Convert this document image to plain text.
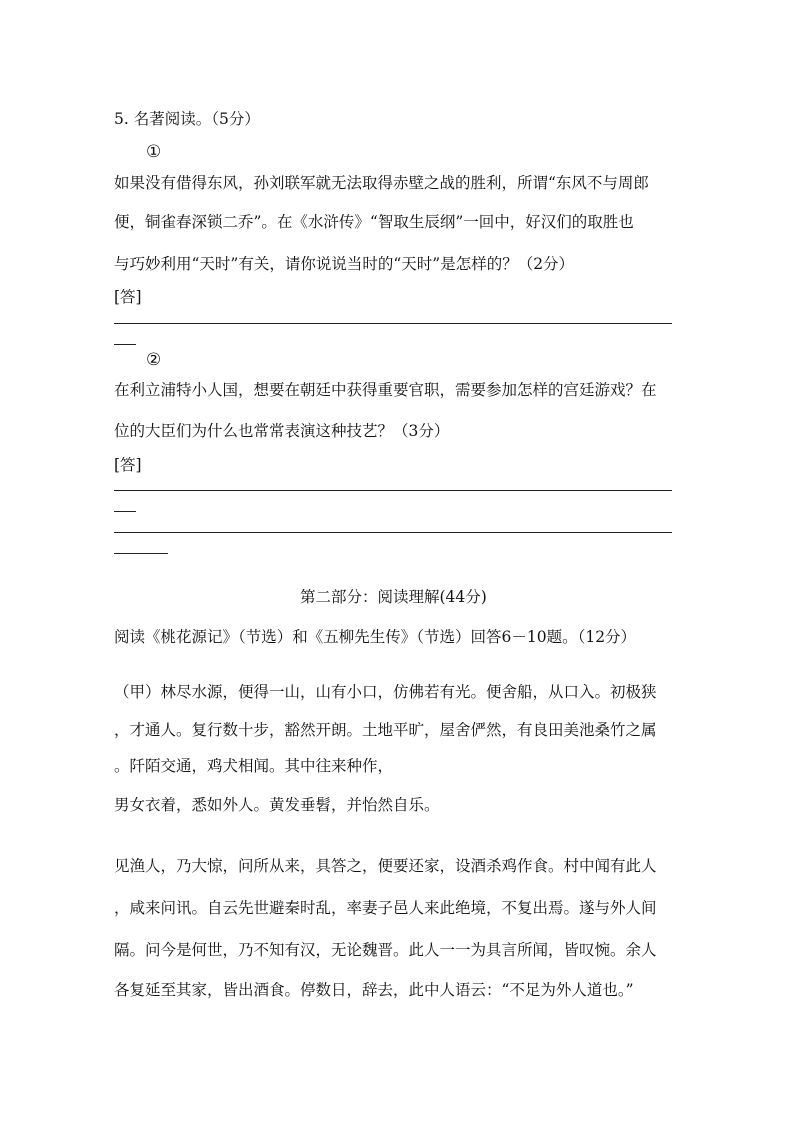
5. 名著阅读。（5分）
①
如果没有借得东风，孙刘联军就无法取得赤壁之战的胜利，所谓“东风不与周郎
便，铜雀春深锁二乔”。在《水浒传》“智取生辰纲”一回中，好汉们的取胜也
与巧妙利用“天时”有关，请你说说当时的“天时”是怎样的？（2分）
[答]
②
在利立浦特小人国，想要在朝廷中获得重要官职，需要参加怎样的宫廷游戏？在
位的大臣们为什么也常常表演这种技艺？（3分）
[答]
第二部分：阅读理解(44分)
阅读《桃花源记》（节选）和《五柳先生传》（节选）回答6－10题。（12分）
（甲）林尽水源，便得一山，山有小口，仿佛若有光。便舍船，从口入。初极狭
，才通人。复行数十步，豁然开朗。土地平旷，屋舍俨然，有良田美池桑竹之属
。阡陌交通，鸡犬相闻。其中往来种作，
男女衣着，悉如外人。黄发垂髫，并怡然自乐。
见渔人，乃大惊，问所从来，具答之，便要还家，设酒杀鸡作食。村中闻有此人
，咸来问讯。自云先世避秦时乱，率妻子邑人来此绝境，不复出焉。遂与外人间
隔。问今是何世，乃不知有汉，无论魏晋。此人一一为具言所闻，皆叹惋。余人
各复延至其家，皆出酒食。停数日，辞去，此中人语云：“不足为外人道也。”
